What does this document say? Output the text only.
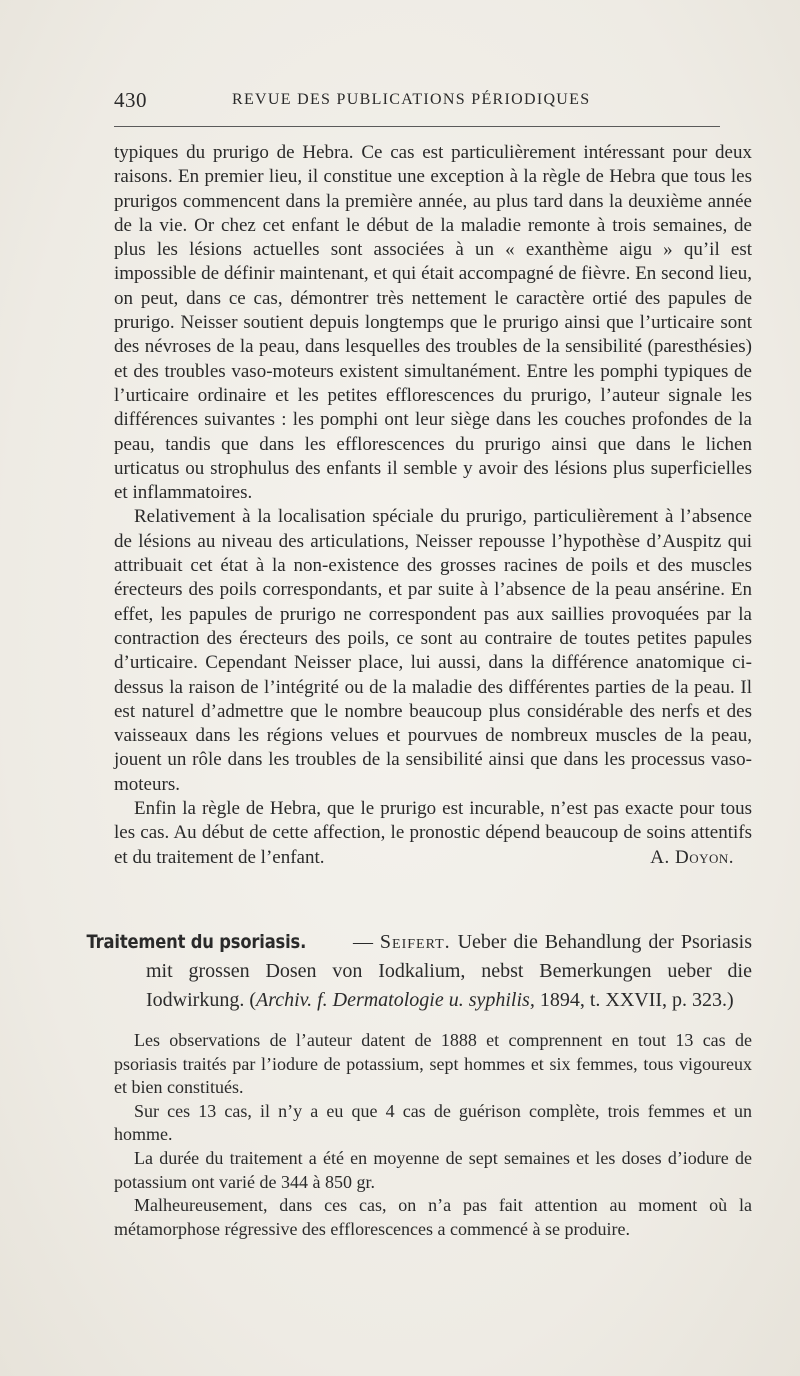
430	REVUE DES PUBLICATIONS PÉRIODIQUES

typiques du prurigo de Hebra. Ce cas est particulièrement intéressant pour deux raisons. En premier lieu, il constitue une exception à la règle de Hebra que tous les prurigos commencent dans la première année, au plus tard dans la deuxième année de la vie. Or chez cet enfant le début de la maladie remonte à trois semaines, de plus les lésions actuelles sont associées à un « exanthème aigu » qu’il est impossible de définir maintenant, et qui était accompagné de fièvre. En second lieu, on peut, dans ce cas, démontrer très nettement le caractère ortié des papules de prurigo. Neisser soutient depuis longtemps que le prurigo ainsi que l’urticaire sont des névroses de la peau, dans lesquelles des troubles de la sensibilité (paresthésies) et des troubles vaso-moteurs existent simultanément. Entre les pomphi typiques de l’urticaire ordinaire et les petites efflorescences du prurigo, l’auteur signale les différences suivantes : les pomphi ont leur siège dans les couches profondes de la peau, tandis que dans les efflorescences du prurigo ainsi que dans le lichen urticatus ou strophulus des enfants il semble y avoir des lésions plus superficielles et inflammatoires.

Relativement à la localisation spéciale du prurigo, particulièrement à l’absence de lésions au niveau des articulations, Neisser repousse l’hypothèse d’Auspitz qui attribuait cet état à la non-existence des grosses racines de poils et des muscles érecteurs des poils correspondants, et par suite à l’absence de la peau ansérine. En effet, les papules de prurigo ne correspondent pas aux saillies provoquées par la contraction des érecteurs des poils, ce sont au contraire de toutes petites papules d’urticaire. Cependant Neisser place, lui aussi, dans la différence anatomique ci-dessus la raison de l’intégrité ou de la maladie des différentes parties de la peau. Il est naturel d’admettre que le nombre beaucoup plus considérable des nerfs et des vaisseaux dans les régions velues et pourvues de nombreux muscles de la peau, jouent un rôle dans les troubles de la sensibilité ainsi que dans les processus vaso-moteurs.

Enfin la règle de Hebra, que le prurigo est incurable, n’est pas exacte pour tous les cas. Au début de cette affection, le pronostic dépend beaucoup de soins attentifs et du traitement de l’enfant.	A. Doyon.

Traitement du psoriasis. — Seifert. Ueber die Behandlung der Psoriasis mit grossen Dosen von Iodkalium, nebst Bemerkungen ueber die Iodwirkung. (Archiv. f. Dermatologie u. syphilis, 1894, t. XXVII, p. 323.)

Les observations de l’auteur datent de 1888 et comprennent en tout 13 cas de psoriasis traités par l’iodure de potassium, sept hommes et six femmes, tous vigoureux et bien constitués.

Sur ces 13 cas, il n’y a eu que 4 cas de guérison complète, trois femmes et un homme.

La durée du traitement a été en moyenne de sept semaines et les doses d’iodure de potassium ont varié de 344 à 850 gr.

Malheureusement, dans ces cas, on n’a pas fait attention au moment où la métamorphose régressive des efflorescences a commencé à se produire.
